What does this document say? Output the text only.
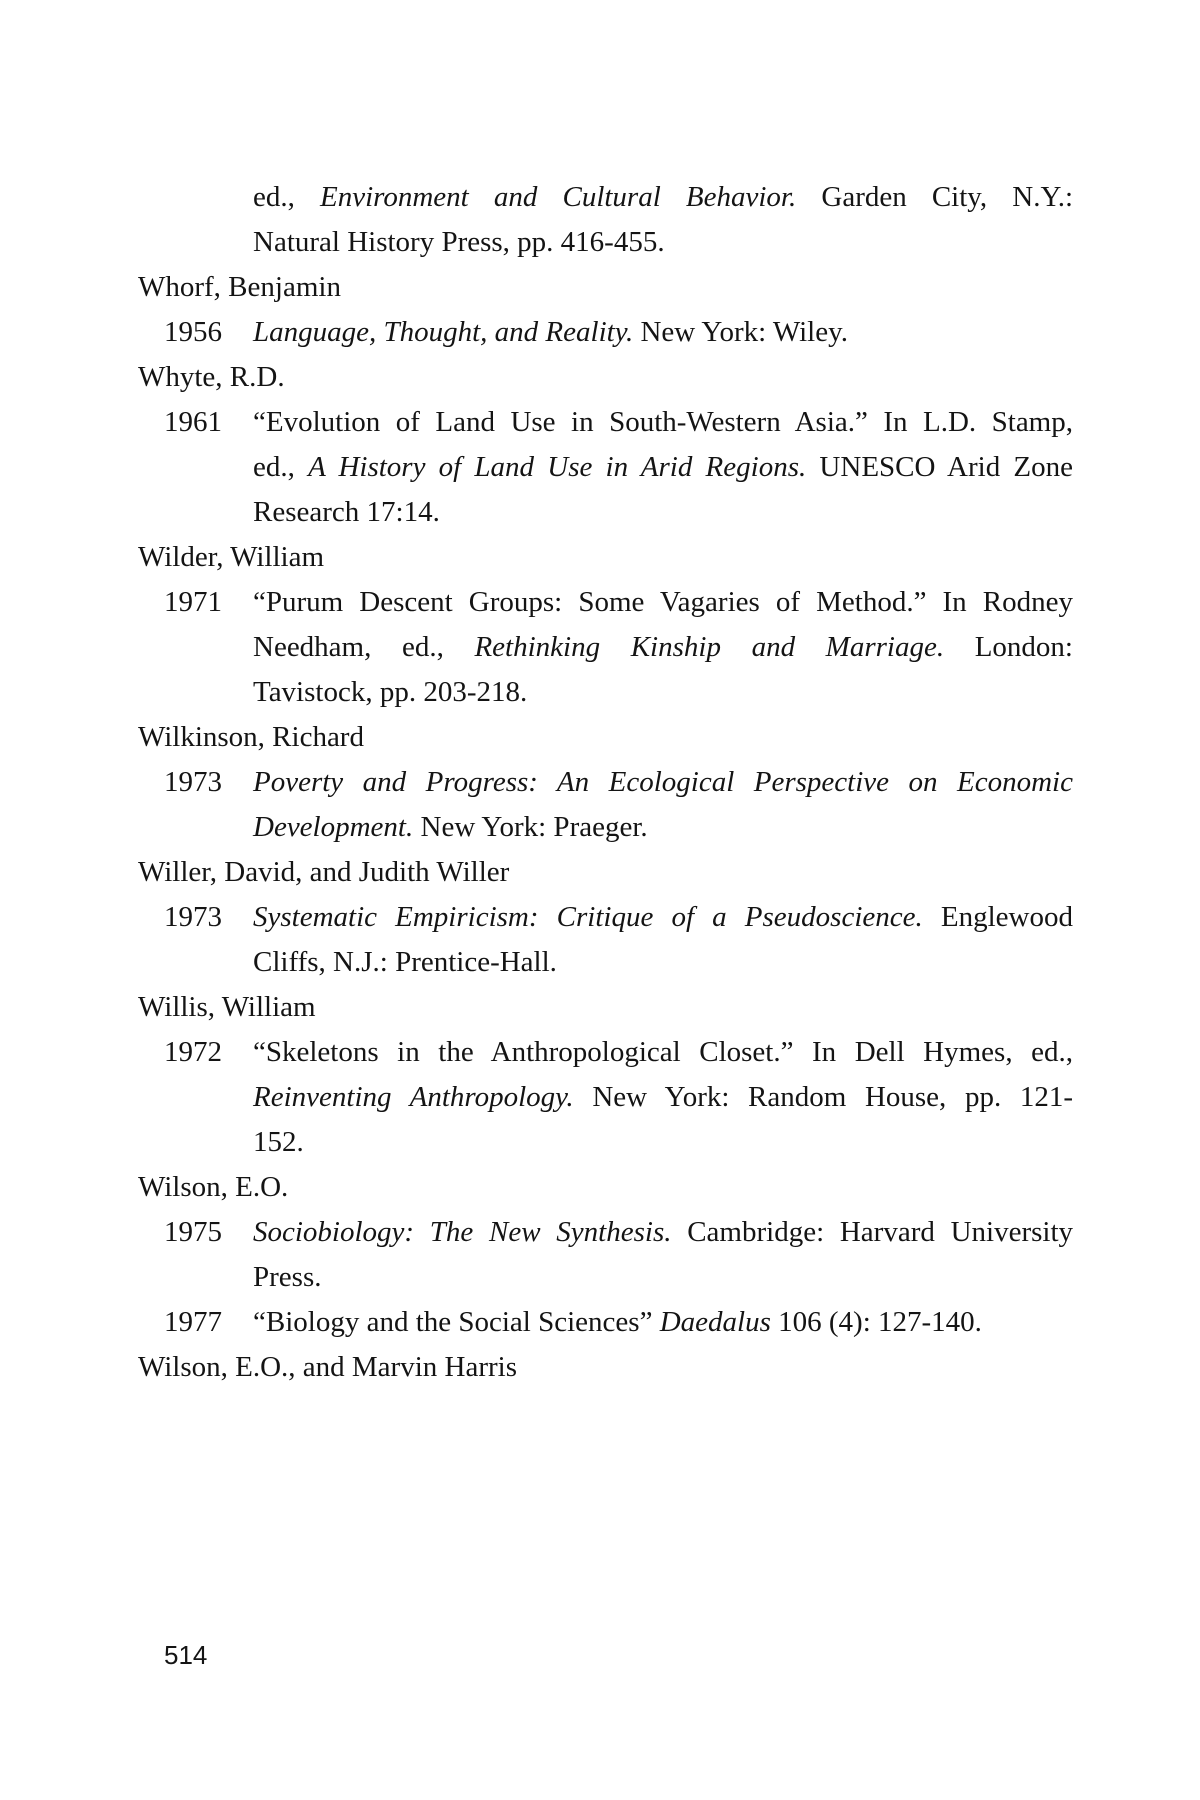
ed., Environment and Cultural Behavior. Garden City, N.Y.:
Natural History Press, pp. 416-455.
Whorf, Benjamin
1956 Language, Thought, and Reality. New York: Wiley.
Whyte, R.D.
1961 “Evolution of Land Use in South-Western Asia.” In L.D. Stamp,
ed., A History of Land Use in Arid Regions. UNESCO Arid Zone
Research 17:14.
Wilder, William
1971 “Purum Descent Groups: Some Vagaries of Method.” In Rodney
Needham, ed., Rethinking Kinship and Marriage. London:
Tavistock, pp. 203-218.
Wilkinson, Richard
1973 Poverty and Progress: An Ecological Perspective on Economic
Development. New York: Praeger.
Willer, David, and Judith Willer
1973 Systematic Empiricism: Critique of a Pseudoscience. Englewood
Cliffs, N.J.: Prentice-Hall.
Willis, William
1972 “Skeletons in the Anthropological Closet.” In Dell Hymes, ed.,
Reinventing Anthropology. New York: Random House, pp. 121-
152.
Wilson, E.O.
1975 Sociobiology: The New Synthesis. Cambridge: Harvard University
Press.
1977 “Biology and the Social Sciences” Daedalus 106 (4): 127-140.
Wilson, E.O., and Marvin Harris
514
